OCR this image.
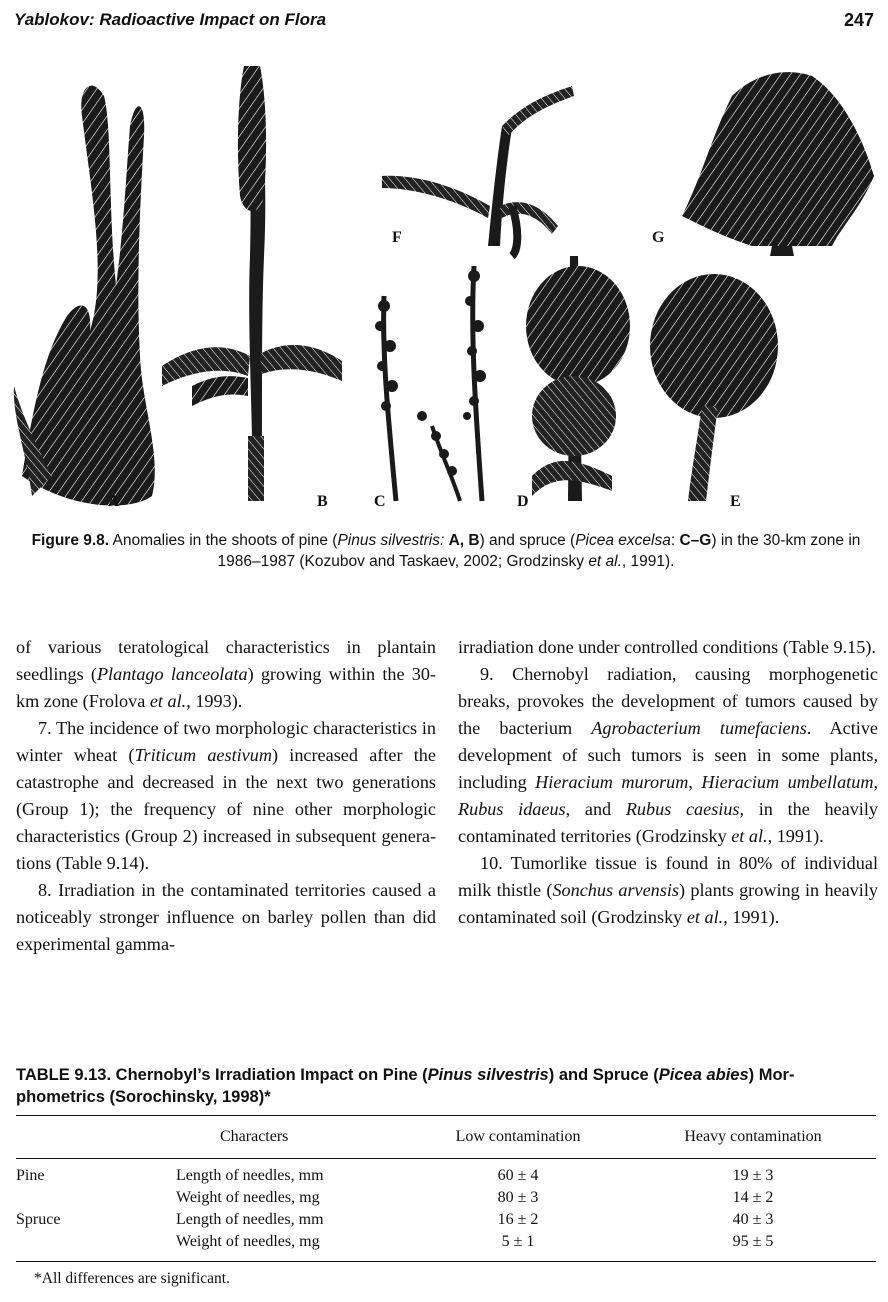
Yablokov: Radioactive Impact on Flora	247
A	B	C	D	E
F	G
Figure 9.8. Anomalies in the shoots of pine (Pinus silvestris: A, B) and spruce (Picea excelsa: C–G) in the 30-km zone in 1986–1987 (Kozubov and Taskaev, 2002; Grodzinsky et al., 1991).

of various teratological characteristics in plantain seedlings (Plantago lanceolata) growing within the 30-km zone (Frolova et al., 1993).

7. The incidence of two morphologic characteristics in winter wheat (Triticum aestivum) increased after the catastrophe and decreased in the next two generations (Group 1); the frequency of nine other morphologic characteristics (Group 2) increased in subsequent generations (Table 9.14).

8. Irradiation in the contaminated territories caused a noticeably stronger influence on barley pollen than did experimental gamma-

irradiation done under controlled conditions (Table 9.15).

9. Chernobyl radiation, causing morphogenetic breaks, provokes the development of tumors caused by the bacterium Agrobacterium tumefaciens. Active development of such tumors is seen in some plants, including Hieracium murorum, Hieracium umbellatum, Rubus idaeus, and Rubus caesius, in the heavily contaminated territories (Grodzinsky et al., 1991).

10. Tumorlike tissue is found in 80% of individual milk thistle (Sonchus arvensis) plants growing in heavily contaminated soil (Grodzinsky et al., 1991).

TABLE 9.13. Chernobyl’s Irradiation Impact on Pine (Pinus silvestris) and Spruce (Picea abies) Morphometrics (Sorochinsky, 1998)*
	Characters	Low contamination	Heavy contamination
Pine	Length of needles, mm	60 ± 4	19 ± 3
	Weight of needles, mg	80 ± 3	14 ± 2
Spruce	Length of needles, mm	16 ± 2	40 ± 3
	Weight of needles, mg	5 ± 1	95 ± 5
*All differences are significant.
